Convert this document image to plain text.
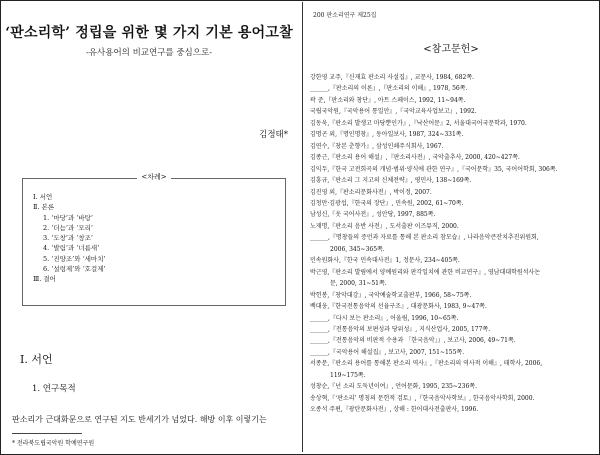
‘판소리학’ 정립을 위한 몇 가지 기본 용어고찰
-유사용어의 비교연구를 중심으로-
김정태*
<차례>
Ⅰ. 서언
Ⅱ. 본론
1. ‘마당’과 ‘바탕’
2. ‘더늠’과 ‘모리’
3. ‘도창’과 ‘창조’
4. ‘발림’과 ‘너름새’
5. ‘진양조’와 ‘세마치’
6. ‘설렁제’와 ‘호걸제’
Ⅲ. 결어
Ⅰ. 서언
1. 연구목적
판소리가 근대화문으로 연구된 지도 반세기가 넘었다. 해방 이후 이렇기는
* 전라북도립국악원 학예연구원
200 판소리연구 제25집
<참고문헌>
강한영 교주,『신재효 판소리 사설집』, 교문사, 1984, 682쪽.
______,『판소리의 이론』,『판소리의 이해』, 1978, 56쪽.
곽 준,『판소리와 창단』, 아트 스페이스, 1992, 11~94쪽.
국립국악원,『국악용어 통일안』,『국악교육사업보고』, 1992.
김동욱,『판소리 발생고 마당뿐인가』,『낙산어문』2, 서울대국어국문학과, 1970.
김명곤 외,『명인명창』, 동아일보사, 1987, 324~331쪽.
김연수,『창본 춘향가』, 삼성인쇄주식회사, 1967.
김종근,『판소리 용어 해설』,『판소리사전』, 국악출추사, 2000, 420~427쪽.
김익두,『한국 고전희곡의 개념·범위·양식에 관한 연구』,『국어문학』35, 국어어학회, 306쪽.
김흥규,『판소리 그 지고의 신체전략』, 평민사, 138~169쪽.
김진영 외,『판소리문화사전』, 박이정, 2007.
김청만·김광섭,『한국의 장단』, 민속원, 2002, 61~70쪽.
남성신,『웃 국어사전』, 성안당, 1997, 885쪽.
노재명,『판소리 음반 사전』, 도서출판 이즈뮤직, 2000.
______,『명창들의 증언과 자료를 통해 본 판소리 참모습』, 나라음악큰잔치추진위원회,
2006, 345~365쪽.
민속원화사,『한국 민속대사전』1, 정문사, 234~405쪽.
박근영,『판소리 발림에서 양예원리와 판각일치에 관한 비교연구』, 영남대대학원석사논
문, 2000, 31~51쪽.
박헌봉,『창악대강』, 국악예술학교출판부, 1966, 58~75쪽.
백대웅,『한국전통음악의 선율구조』, 대광문화사, 1983, 9~47쪽.
______,『다시 보는 판소리』, 어울림, 1996, 10~65쪽.
______,『전통음악의 보편성과 당위성』, 지식산업사, 2005, 177쪽.
______,『전통음악의 비판적 수용과 「한국음악」』, 보고사, 2006, 49~71쪽.
______,『국악용어 해설집』, 보고사, 2007, 151~155쪽.
서종문,『판소리 용어를 통해본 판소리 역사』,『판소리의 역사적 이해』, 태학사, 2006,
119~175쪽.
성창순,『넌 소리 도둑년이여』, 언어문화, 1995, 235~236쪽.
송상혁,『‘판소리’ 명칭의 문헌적 검토』,『한국음악사학보』, 한국음악사학회, 2000.
오종석 주편,『광탄문화사전』, 상해 : 한어대사전출판사, 1996.
